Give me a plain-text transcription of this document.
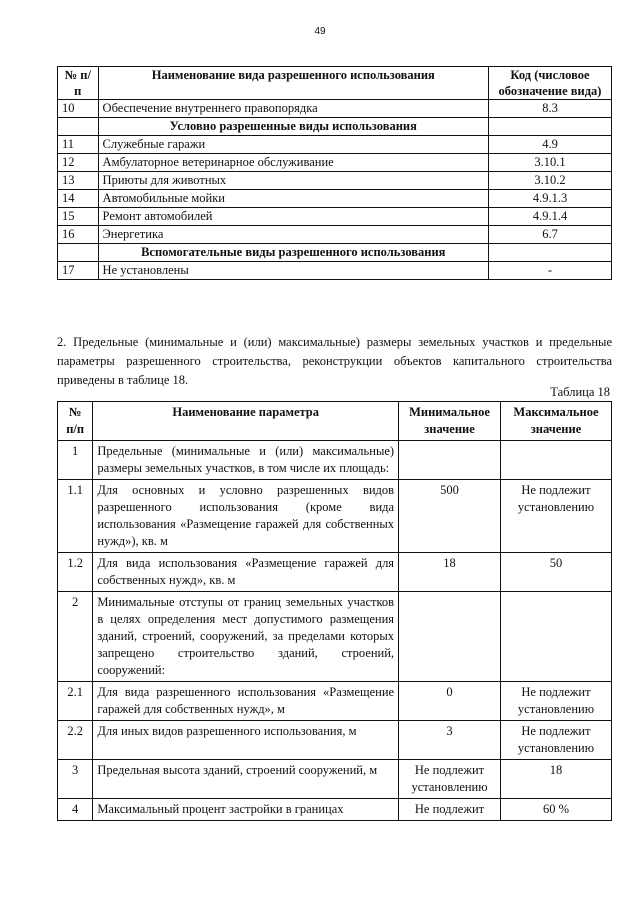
49
№ п/ п	Наименование вида разрешенного использования	Код (числовое обозначение вида)
10	Обеспечение внутреннего правопорядка	8.3
	Условно разрешенные виды использования	
11	Служебные гаражи	4.9
12	Амбулаторное ветеринарное обслуживание	3.10.1
13	Приюты для животных	3.10.2
14	Автомобильные мойки	4.9.1.3
15	Ремонт автомобилей	4.9.1.4
16	Энергетика	6.7
	Вспомогательные виды разрешенного использования	
17	Не установлены	-
2. Предельные (минимальные и (или) максимальные) размеры земельных участков и предельные параметры разрешенного строительства, реконструкции объектов капитального строительства приведены в таблице 18.
Таблица 18
№ п/п	Наименование параметра	Минимальное значение	Максимальное значение
1	Предельные (минимальные и (или) максимальные) размеры земельных участков, в том числе их площадь:		
1.1	Для основных и условно разрешенных видов разрешенного использования (кроме вида использования «Размещение гаражей для собственных нужд»), кв. м	500	Не подлежит установлению
1.2	Для вида использования «Размещение гаражей для собственных нужд», кв. м	18	50
2	Минимальные отступы от границ земельных участков в целях определения мест допустимого размещения зданий, строений, сооружений, за пределами которых запрещено строительство зданий, строений, сооружений:		
2.1	Для вида разрешенного использования «Размещение гаражей для собственных нужд», м	0	Не подлежит установлению
2.2	Для иных видов разрешенного использования, м	3	Не подлежит установлению
3	Предельная высота зданий, строений сооружений, м	Не подлежит установлению	18
4	Максимальный процент застройки в границах	Не подлежит	60 %
